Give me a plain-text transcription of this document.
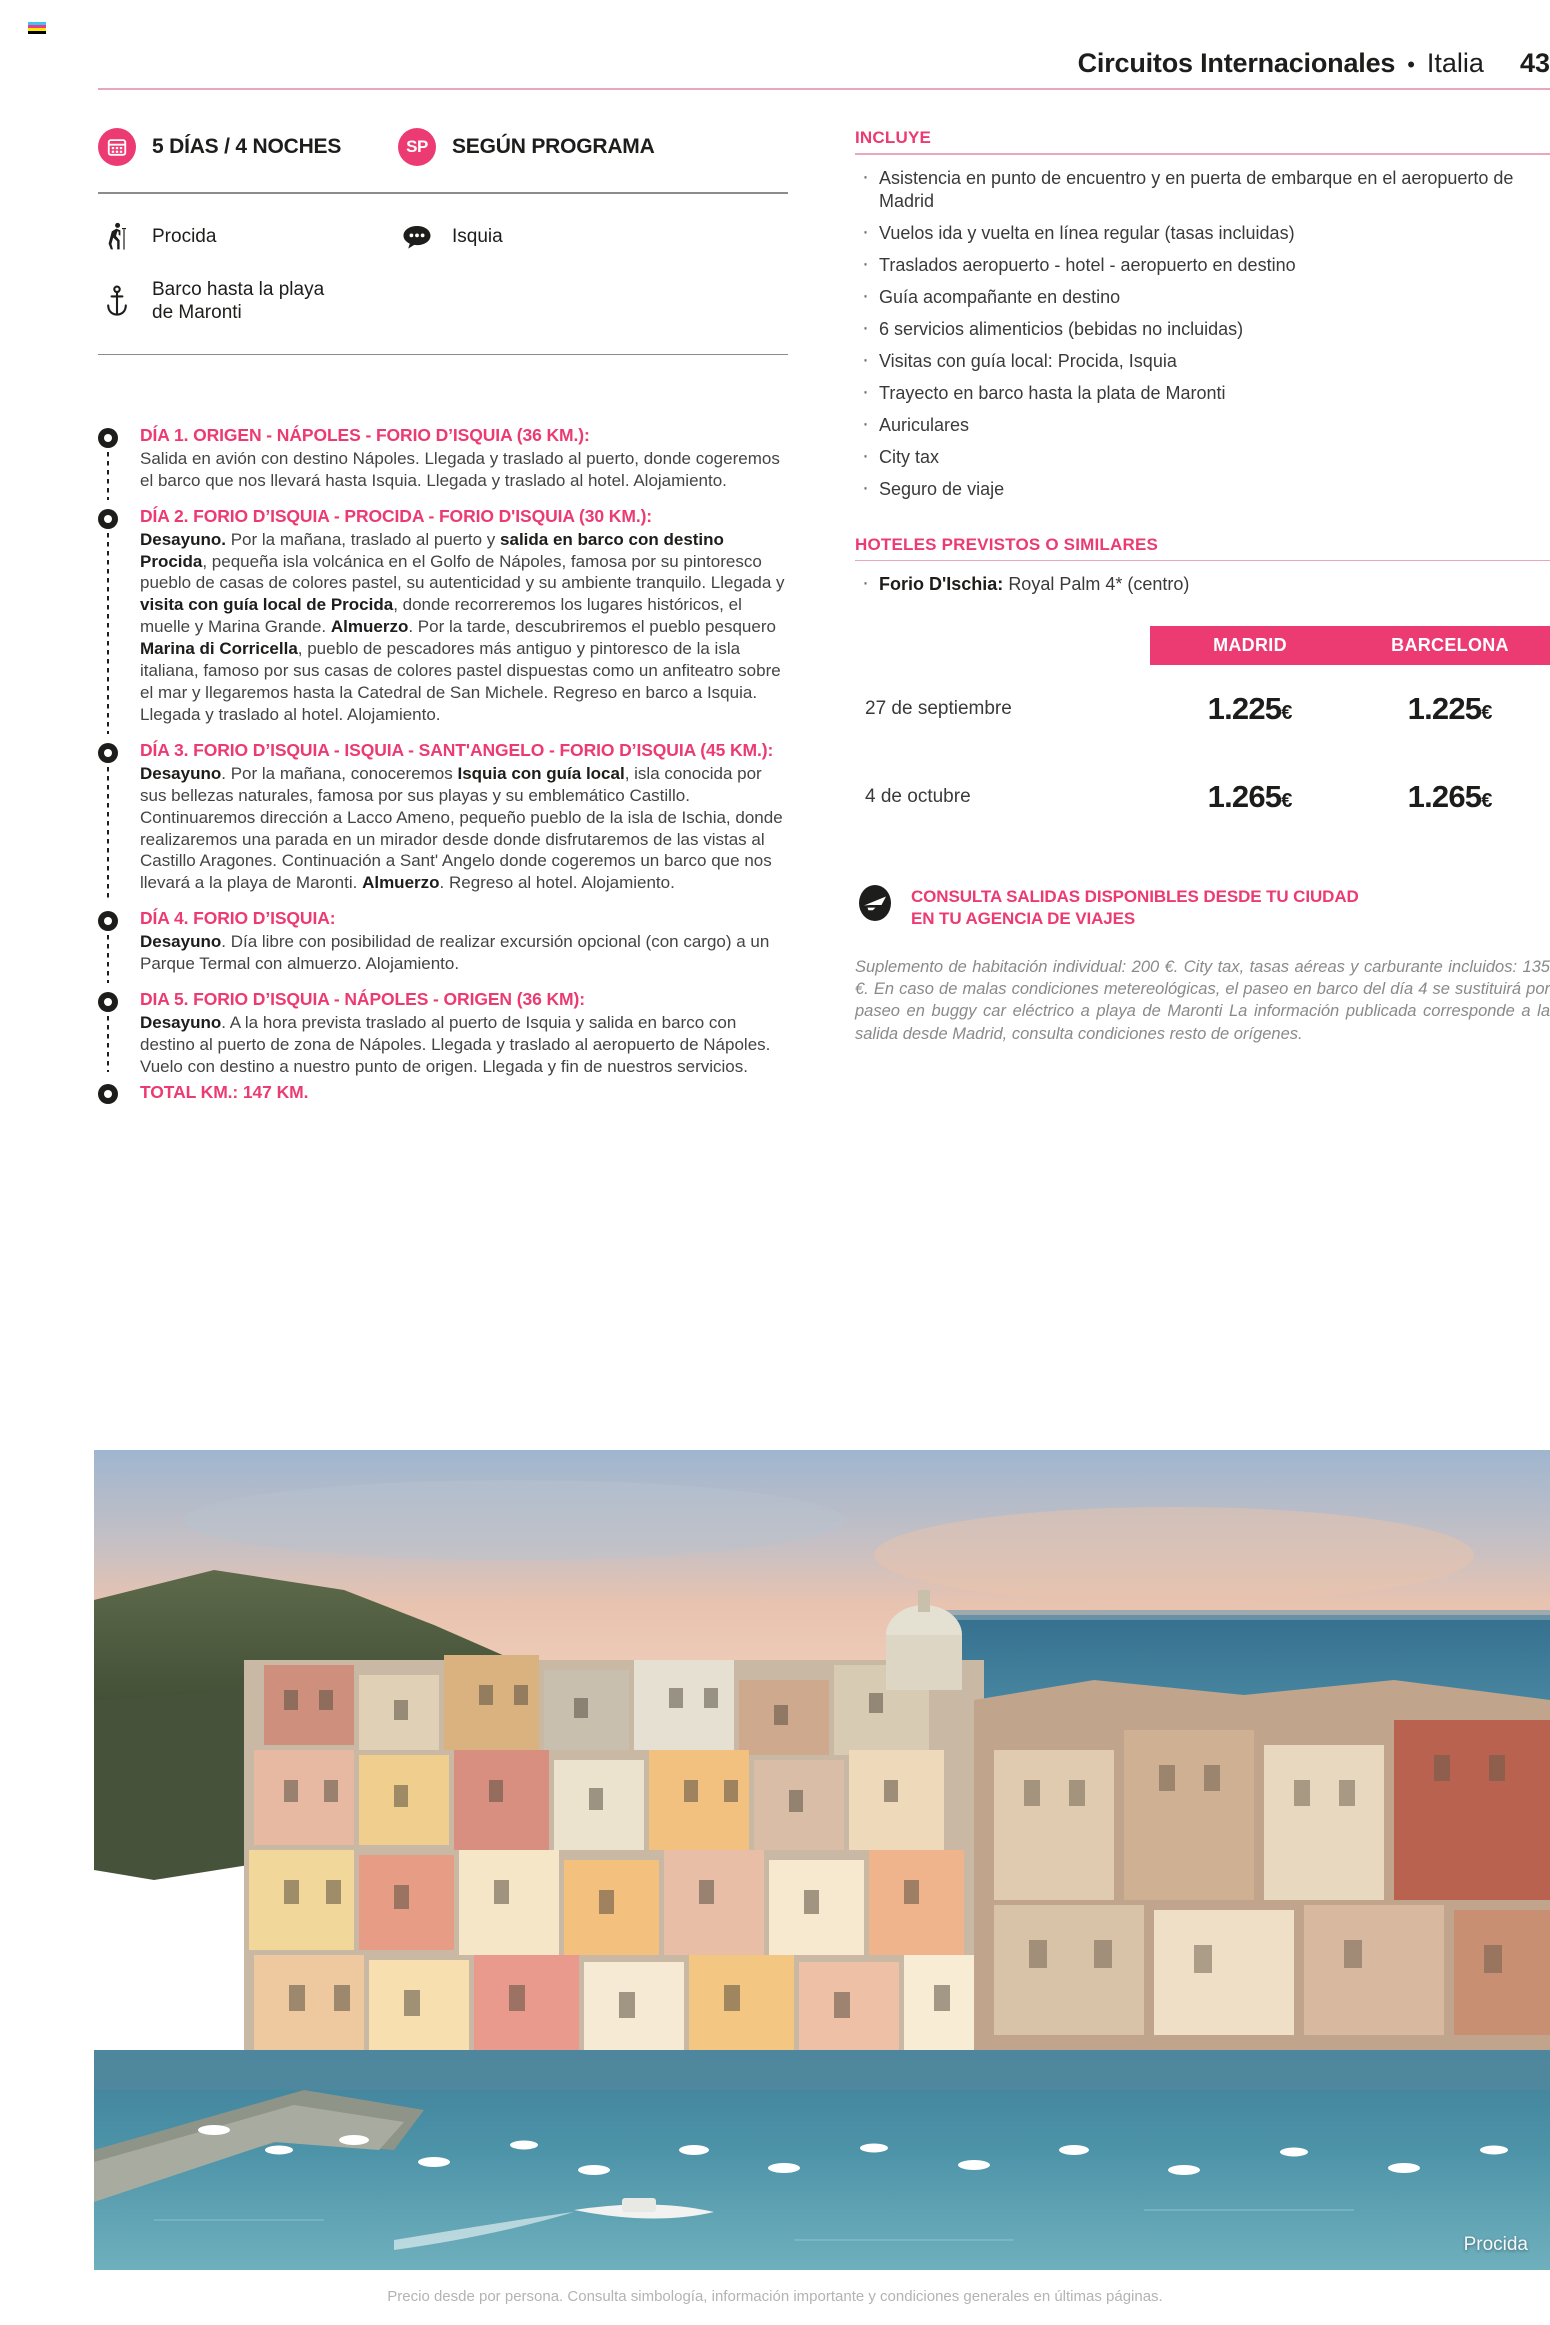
Circuitos Internacionales • Italia 43
5 DÍAS / 4 NOCHES	SP SEGÚN PROGRAMA
Procida	Isquia
Barco hasta la playa
de Maronti
DÍA 1. ORIGEN - NÁPOLES - FORIO D’ISQUIA (36 KM.):
Salida en avión con destino Nápoles. Llegada y traslado al puerto, donde cogeremos el barco que nos llevará hasta Isquia. Llegada y traslado al hotel. Alojamiento.
DÍA 2. FORIO D’ISQUIA - PROCIDA - FORIO D'ISQUIA (30 KM.):
Desayuno. Por la mañana, traslado al puerto y salida en barco con destino Procida, pequeña isla volcánica en el Golfo de Nápoles, famosa por su pintoresco pueblo de casas de colores pastel, su autenticidad y su ambiente tranquilo. Llegada y visita con guía local de Procida, donde recorreremos los lugares históricos, el muelle y Marina Grande. Almuerzo. Por la tarde, descubriremos el pueblo pesquero Marina di Corricella, pueblo de pescadores más antiguo y pintoresco de la isla italiana, famoso por sus casas de colores pastel dispuestas como un anfiteatro sobre el mar y llegaremos hasta la Catedral de San Michele. Regreso en barco a Isquia. Llegada y traslado al hotel. Alojamiento.
DÍA 3. FORIO D’ISQUIA - ISQUIA - SANT'ANGELO - FORIO D’ISQUIA (45 KM.):
Desayuno. Por la mañana, conoceremos Isquia con guía local, isla conocida por sus bellezas naturales, famosa por sus playas y su emblemático Castillo. Continuaremos dirección a Lacco Ameno, pequeño pueblo de la isla de Ischia, donde realizaremos una parada en un mirador desde donde disfrutaremos de las vistas al Castillo Aragones. Continuación a Sant' Angelo donde cogeremos un barco que nos llevará a la playa de Maronti. Almuerzo. Regreso al hotel. Alojamiento.
DÍA 4. FORIO D’ISQUIA:
Desayuno. Día libre con posibilidad de realizar excursión opcional (con cargo) a un Parque Termal con almuerzo. Alojamiento.
DIA 5. FORIO D’ISQUIA - NÁPOLES - ORIGEN (36 KM):
Desayuno. A la hora prevista traslado al puerto de Isquia y salida en barco con destino al puerto de zona de Nápoles. Llegada y traslado al aeropuerto de Nápoles. Vuelo con destino a nuestro punto de origen. Llegada y fin de nuestros servicios.
TOTAL KM.: 147 KM.
INCLUYE
· Asistencia en punto de encuentro y en puerta de embarque en el aeropuerto de Madrid
· Vuelos ida y vuelta en línea regular (tasas incluidas)
· Traslados aeropuerto - hotel - aeropuerto en destino
· Guía acompañante en destino
· 6 servicios alimenticios (bebidas no incluidas)
· Visitas con guía local: Procida, Isquia
· Trayecto en barco hasta la plata de Maronti
· Auriculares
· City tax
· Seguro de viaje
HOTELES PREVISTOS O SIMILARES
· Forio D'Ischia: Royal Palm 4* (centro)
	MADRID	BARCELONA
27 de septiembre	1.225€	1.225€
4 de octubre	1.265€	1.265€
CONSULTA SALIDAS DISPONIBLES DESDE TU CIUDAD
EN TU AGENCIA DE VIAJES
Suplemento de habitación individual: 200 €. City tax, tasas aéreas y carburante incluidos: 135 €. En caso de malas condiciones metereológicas, el paseo en barco del día 4 se sustituirá por paseo en buggy car eléctrico a playa de Maronti La información publicada corresponde a la salida desde Madrid, consulta condiciones resto de orígenes.
Procida
Precio desde por persona. Consulta simbología, información importante y condiciones generales en últimas páginas.
